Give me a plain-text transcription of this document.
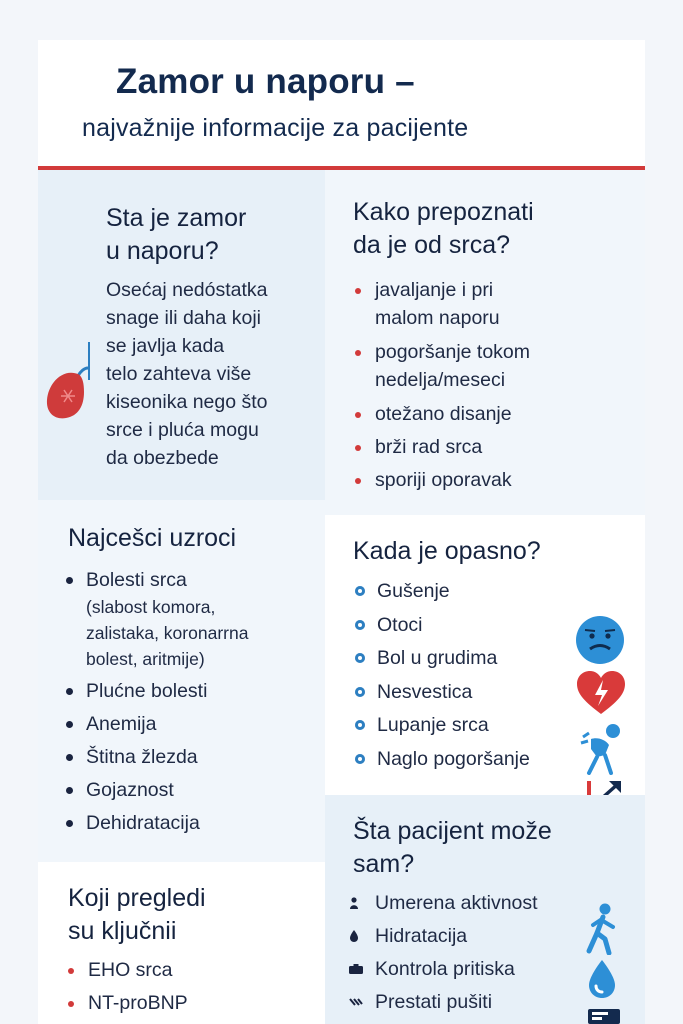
Zamor u naporu –
najvažnije informacije za pacijente
Sta je zamor
u naporu?
Osećaj nedóstatka
snage ili daha koji
se javlja kada
telo zahteva više
kiseonika nego što
srce i pluća mogu
da obezbede
Kako prepoznati
da je od srca?
javaljanje i pri
malom naporu
pogoršanje tokom
nedelja/meseci
otežano disanje
brži rad srca
sporiji oporavak
Najcešci uzroci
Bolesti srca
(slabost komora,
zalistaka, koronarrna
bolest, aritmije)
Plućne bolesti
Anemija
Štitna žlezda
Gojaznost
Dehidratacija
Kada je opasno?
Gušenje
Otoci
Bol u grudima
Nesvestica
Lupanje srca
Naglo pogoršanje
Koji pregledi
su ključnii
EHO srca
NT-proBNP
Šta pacijent može
sam?
Umerena aktivnost
Hidratacija
Kontrola pritiska
Prestati pušiti
